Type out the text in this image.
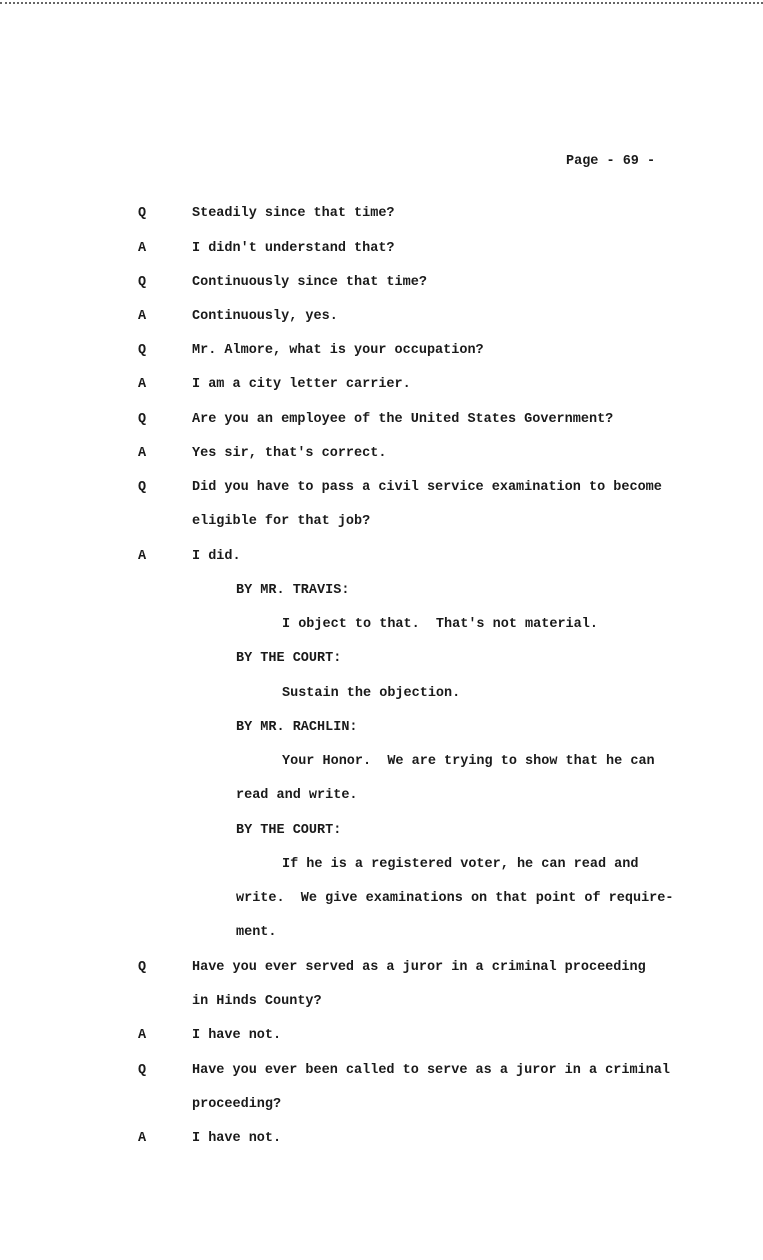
Page - 69 -
Q	Steadily since that time?
A	I didn't understand that?
Q	Continuously since that time?
A	Continuously, yes.
Q	Mr. Almore, what is your occupation?
A	I am a city letter carrier.
Q	Are you an employee of the United States Government?
A	Yes sir, that's correct.
Q	Did you have to pass a civil service examination to become
eligible for that job?
A	I did.
BY MR. TRAVIS:
I object to that.  That's not material.
BY THE COURT:
Sustain the objection.
BY MR. RACHLIN:
Your Honor.  We are trying to show that he can
read and write.
BY THE COURT:
If he is a registered voter, he can read and
write.  We give examinations on that point of require-
ment.
Q	Have you ever served as a juror in a criminal proceeding
in Hinds County?
A	I have not.
Q	Have you ever been called to serve as a juror in a criminal
proceeding?
A	I have not.
